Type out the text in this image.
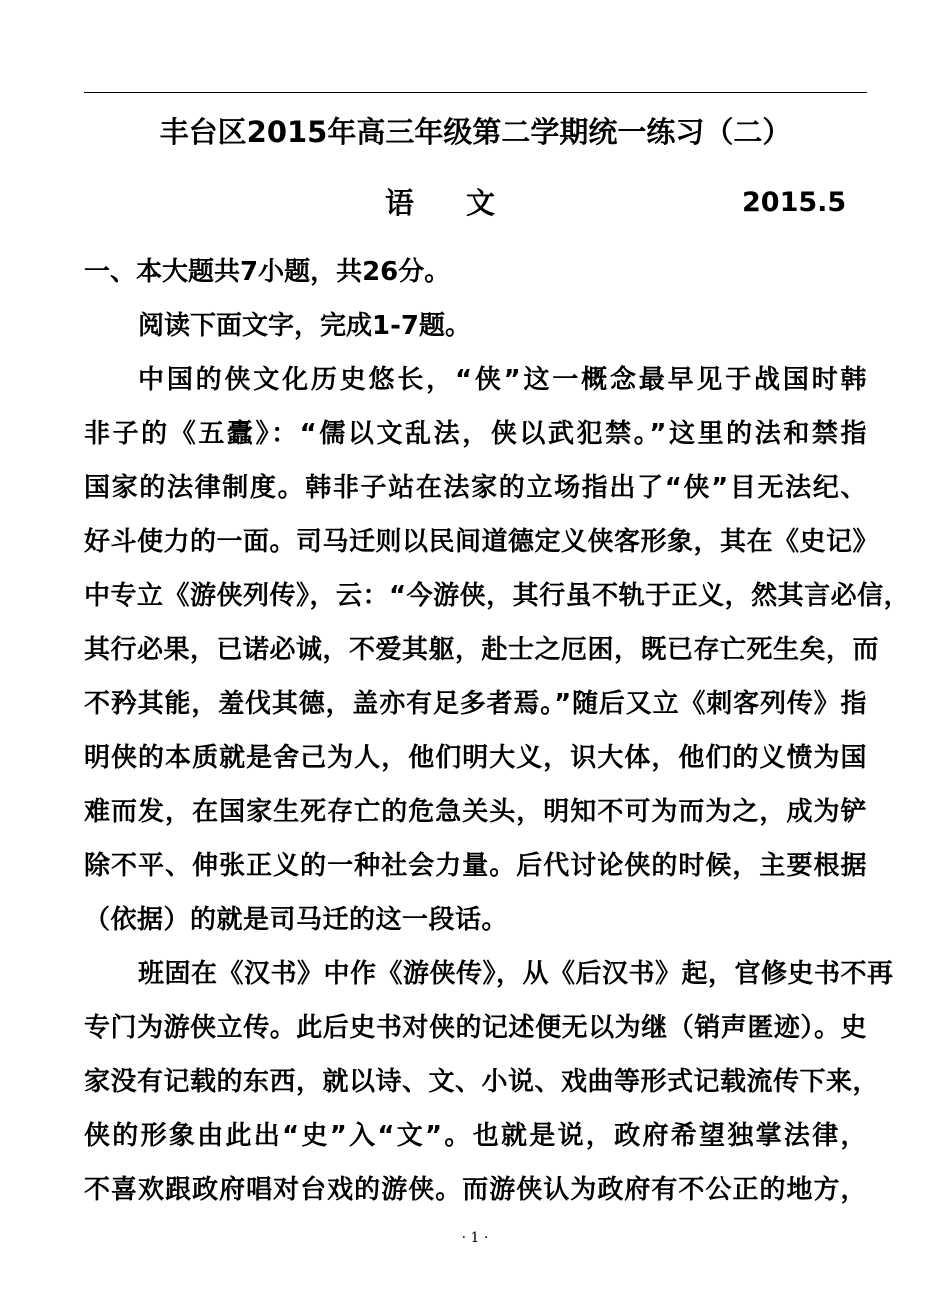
丰台区2015年高三年级第二学期统一练习（二）
语文	2015.5
一、本大题共7小题，共26分。
阅读下面文字，完成1-7题。
中国的侠文化历史悠长，“侠”这一概念最早见于战国时韩
非子的《五蠹》：“儒以文乱法，侠以武犯禁。”这里的法和禁指
国家的法律制度。韩非子站在法家的立场指出了“侠”目无法纪、
好斗使力的一面。司马迁则以民间道德定义侠客形象，其在《史记》
中专立《游侠列传》，云：“今游侠，其行虽不轨于正义，然其言必信，
其行必果，已诺必诚，不爱其躯，赴士之厄困，既已存亡死生矣，而
不矜其能，羞伐其德，盖亦有足多者焉。”随后又立《刺客列传》指
明侠的本质就是舍己为人，他们明大义，识大体，他们的义愤为国
难而发，在国家生死存亡的危急关头，明知不可为而为之，成为铲
除不平、伸张正义的一种社会力量。后代讨论侠的时候，主要根据
（依据）的就是司马迁的这一段话。
班固在《汉书》中作《游侠传》，从《后汉书》起，官修史书不再
专门为游侠立传。此后史书对侠的记述便无以为继（销声匿迹）。史
家没有记载的东西，就以诗、文、小说、戏曲等形式记载流传下来，
侠的形象由此出“史”入“文”。也就是说，政府希望独掌法律，
不喜欢跟政府唱对台戏的游侠。而游侠认为政府有不公正的地方，
· 1 ·
